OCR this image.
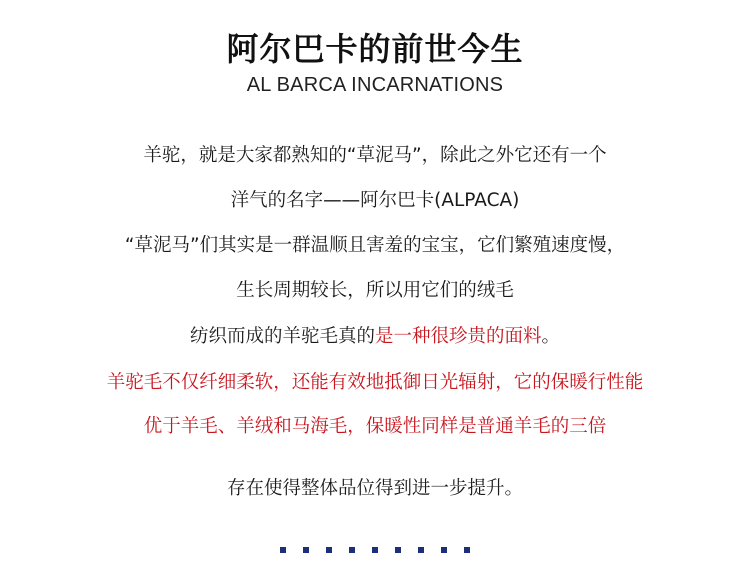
阿尔巴卡的前世今生
AL BARCA INCARNATIONS
羊驼，就是大家都熟知的“草泥马”，除此之外它还有一个
洋气的名字——阿尔巴卡(ALPACA)
“草泥马”们其实是一群温顺且害羞的宝宝，它们繁殖速度慢，
生长周期较长，所以用它们的绒毛
纺织而成的羊驼毛真的是一种很珍贵的面料。
羊驼毛不仅纤细柔软，还能有效地抵御日光辐射，它的保暖行性能
优于羊毛、羊绒和马海毛，保暖性同样是普通羊毛的三倍
存在使得整体品位得到进一步提升。
